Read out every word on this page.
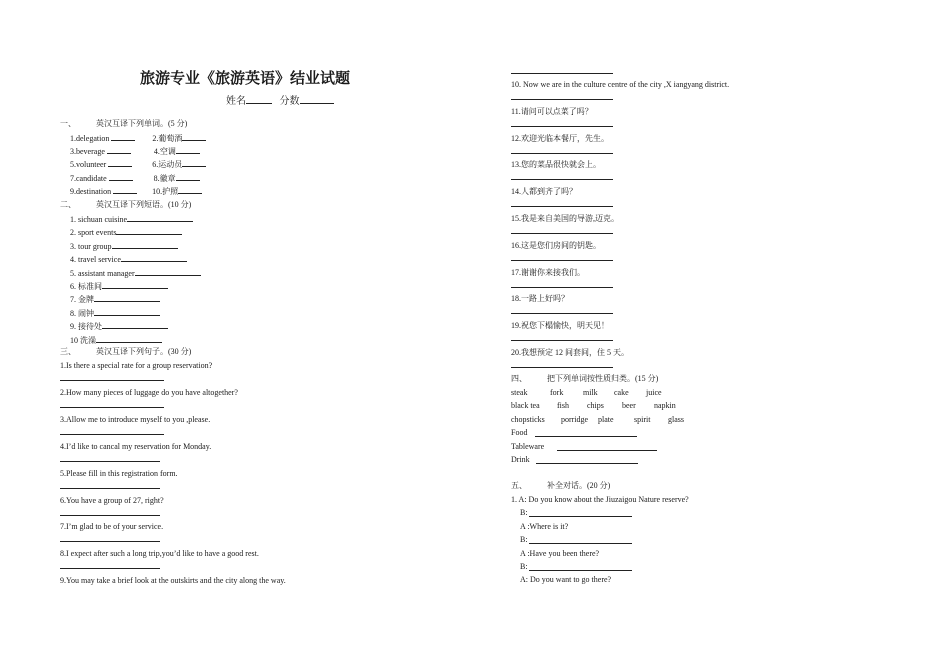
旅游专业《旅游英语》结业试题
姓名	分数
一、	英汉互译下列单词。(5 分)
1.delegation	2.葡萄酒
3.beverage	4.空调
5.volunteer	6.运动员
7.candidate	8.徽章
9.destination	10.护照
二、	英汉互译下列短语。(10 分)
1. sichuan cuisine
2. sport events
3. tour group
4. travel service
5. assistant manager
6. 标准间
7. 金牌
8. 闹钟
9. 接待处
10 洗澡
三、	英汉互译下列句子。(30 分)
1.Is there a special rate for a group reservation?
2.How many pieces of luggage do you have altogether?
3.Allow me to introduce myself to you ,please.
4.I’d like to cancal my reservation for Monday.
5.Please fill in this registration form.
6.You have a group of 27, right?
7.I’m glad to be of your service.
8.I expect after such a long trip,you’d like to have a good rest.
9.You may take a brief look at the outskirts and the city along the way.
10. Now we are in the culture centre of the city ,X iangyang district.
11.请问可以点菜了吗？
12.欢迎光临本餐厅，先生。
13.您的菜品很快就会上。
14.人都到齐了吗？
15.我是来自美国的导游,迈克。
16.这是您们房间的钥匙。
17.谢谢你来接我们。
18.一路上好吗？
19.祝您下榻愉快，明天见！
20.我想预定 12 间套间，住 5 天。
四、	把下列单词按性质归类。(15 分)
steak	fork milk cake juice
black tea fish chips beer napkin
chopsticks porridge plate	spirit glass
Food
Tableware
Drink
五、	补全对话。(20 分)
1. A: Do you know about the Jiuzaigou Nature reserve?
B:
A :Where is it?
B:
A :Have you been there?
B:
A: Do you want to go there?
